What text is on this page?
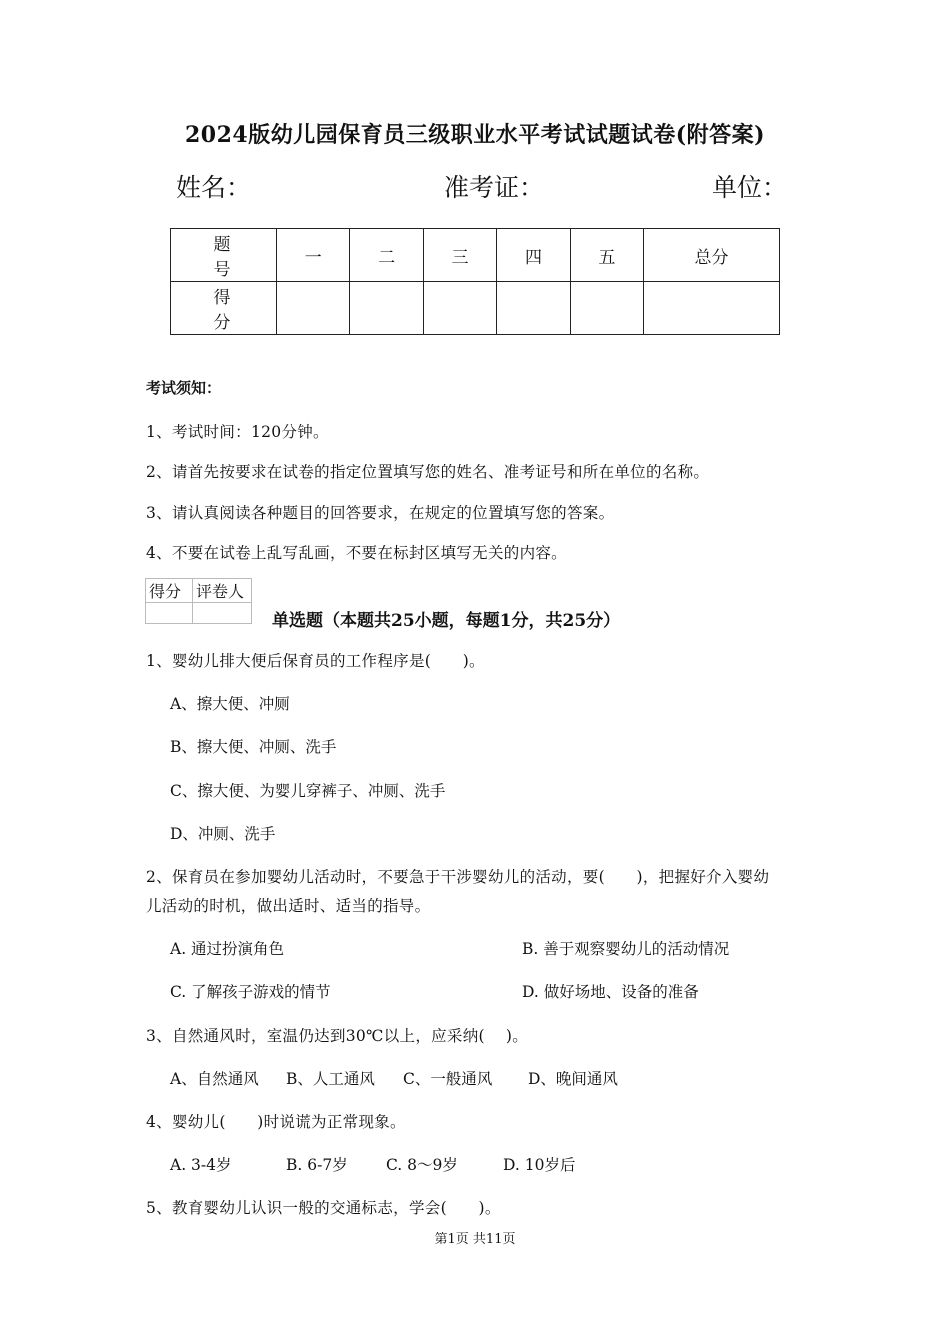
2024版幼儿园保育员三级职业水平考试试题试卷(附答案)
姓名：	准考证：	单位：
题　号	一	二	三	四	五	总分
得　分						
考试须知：
1、考试时间：120分钟。
2、请首先按要求在试卷的指定位置填写您的姓名、准考证号和所在单位的名称。
3、请认真阅读各种题目的回答要求，在规定的位置填写您的答案。
4、不要在试卷上乱写乱画，不要在标封区填写无关的内容。
得分	评卷人

单选题（本题共25小题，每题1分，共25分）
1、婴幼儿排大便后保育员的工作程序是(　　)。
A、擦大便、冲厕
B、擦大便、冲厕、洗手
C、擦大便、为婴儿穿裤子、冲厕、洗手
D、冲厕、洗手
2、保育员在参加婴幼儿活动时，不要急于干涉婴幼儿的活动，要(　　)，把握好介入婴幼
儿活动的时机，做出适时、适当的指导。
A. 通过扮演角色	B. 善于观察婴幼儿的活动情况
C. 了解孩子游戏的情节	D. 做好场地、设备的准备
3、自然通风时，室温仍达到30℃以上，应采纳(　 )。
A、自然通风 B、人工通风 C、一般通风 D、晚间通风
4、婴幼儿(　　)时说谎为正常现象。
A. 3-4岁	B. 6-7岁 C. 8～9岁	D. 10岁后
5、教育婴幼儿认识一般的交通标志，学会(　　)。
第1页 共11页
